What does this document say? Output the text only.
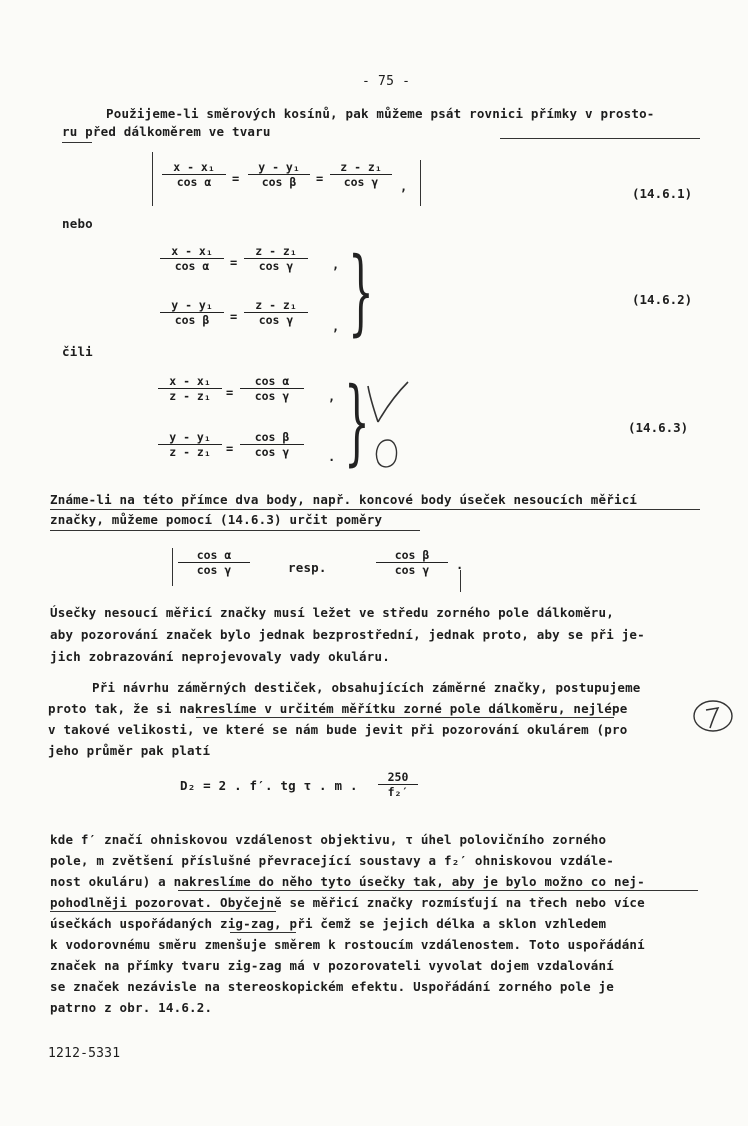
- 75 -
Použijeme-li směrových kosínů, pak můžeme psát rovnici přímky v prosto-
ru před dálkoměrem ve tvaru
$\frac{\text{x - x₁}}{\text{cos α}} = \frac{\text{y - y₁}}{\text{cos β}} = \frac{\text{z - z₁}}{\text{cos γ}}$ ,	(14.6.1)
nebo
$\frac{\text{x - x₁}}{\text{cos α}} = \frac{\text{z - z₁}}{\text{cos γ}}$ ,
$\frac{\text{y - y₁}}{\text{cos β}} = \frac{\text{z - z₁}}{\text{cos γ}}$ , }	(14.6.2)
čili
$\frac{\text{x - x₁}}{\text{z - z₁}} = \frac{\text{cos α}}{\text{cos γ}}$ ,
$\frac{\text{y - y₁}}{\text{z - z₁}} = \frac{\text{cos β}}{\text{cos γ}}$ . }	(14.6.3)
Známe-li na této přímce dva body, např. koncové body úseček nesoucích měřicí
značky, můžeme pomocí (14.6.3) určit poměry
$\frac{\text{cos α}}{\text{cos γ}}$	resp.	$\frac{\text{cos β}}{\text{cos γ}}$ .
Úsečky nesoucí měřicí značky musí ležet ve středu zorného pole dálkoměru,
aby pozorování značek bylo jednak bezprostřední, jednak proto, aby se při je-
jich zobrazování neprojevovaly vady okuláru.
Při návrhu záměrných destiček, obsahujících záměrné značky, postupujeme
proto tak, že si nakreslíme v určitém měřítku zorné pole dálkoměru, nejlépe
v takové velikosti, ve které se nám bude jevit při pozorování okulárem (pro
jeho průměr pak platí
D₂ = 2 . f′. tg τ . m . $\frac{250}{\text{f₂′}}$
kde f′ značí ohniskovou vzdálenost objektivu, τ úhel polovičního zorného
pole, m zvětšení příslušné převracející soustavy a f₂′ ohniskovou vzdále-
nost okuláru) a nakreslíme do něho tyto úsečky tak, aby je bylo možno co nej-
pohodlněji pozorovat. Obyčejně se měřicí značky rozmísťují na třech nebo více
úsečkách uspořádaných zig-zag, při čemž se jejich délka a sklon vzhledem
k vodorovnému směru zmenšuje směrem k rostoucím vzdálenostem. Toto uspořádání
značek na přímky tvaru zig-zag má v pozorovateli vyvolat dojem vzdalování
se značek nezávisle na stereoskopickém efektu. Uspořádání zorného pole je
patrno z obr. 14.6.2.
1212-5331
